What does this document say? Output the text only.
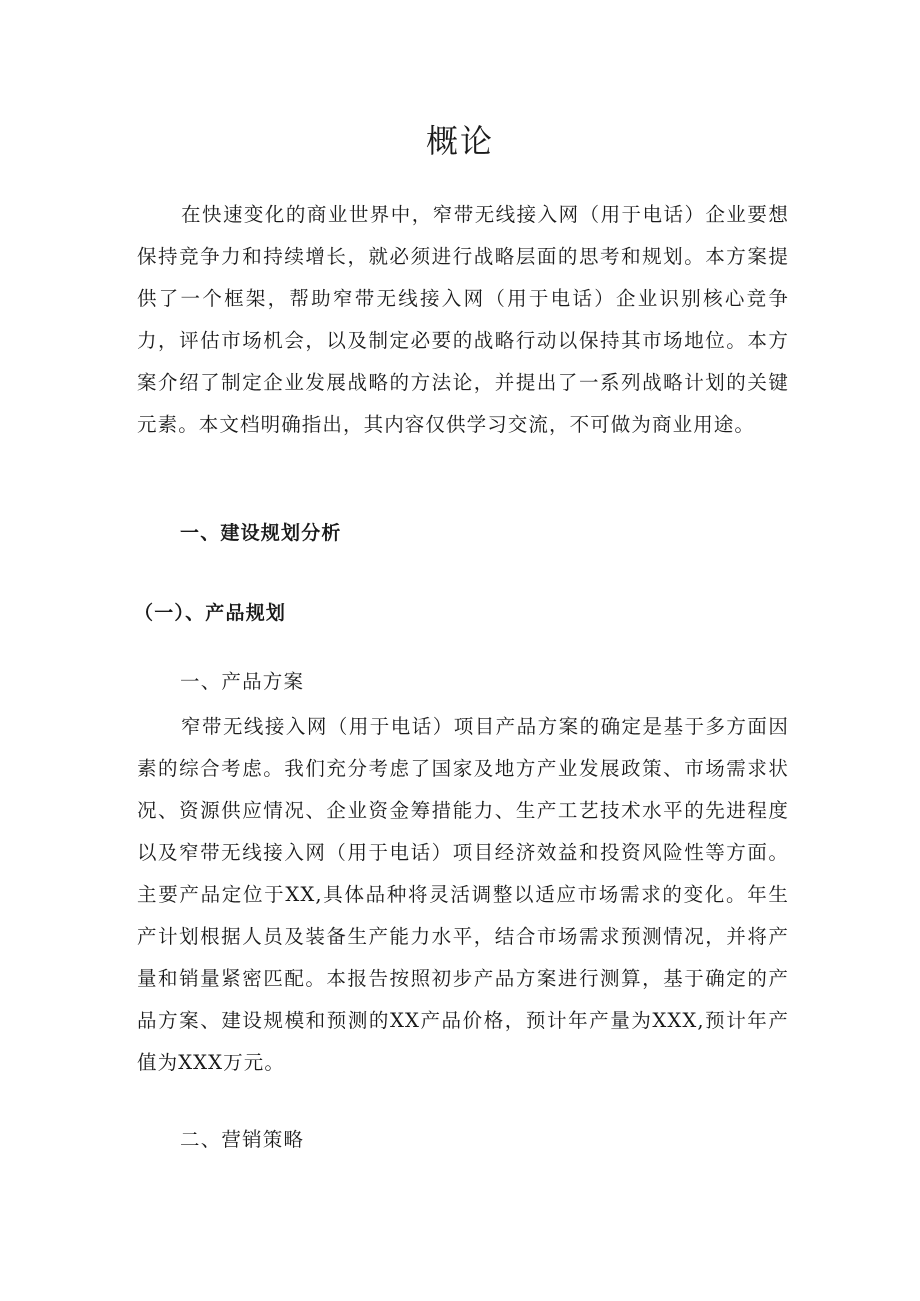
概论

在快速变化的商业世界中，窄带无线接入网（用于电话）企业要想保持竞争力和持续增长，就必须进行战略层面的思考和规划。本方案提供了一个框架，帮助窄带无线接入网（用于电话）企业识别核心竞争力，评估市场机会，以及制定必要的战略行动以保持其市场地位。本方案介绍了制定企业发展战略的方法论，并提出了一系列战略计划的关键元素。本文档明确指出，其内容仅供学习交流，不可做为商业用途。

一、建设规划分析
（一）、产品规划
一、产品方案

窄带无线接入网（用于电话）项目产品方案的确定是基于多方面因素的综合考虑。我们充分考虑了国家及地方产业发展政策、市场需求状况、资源供应情况、企业资金筹措能力、生产工艺技术水平的先进程度以及窄带无线接入网（用于电话）项目经济效益和投资风险性等方面。主要产品定位于XX,具体品种将灵活调整以适应市场需求的变化。年生产计划根据人员及装备生产能力水平，结合市场需求预测情况，并将产量和销量紧密匹配。本报告按照初步产品方案进行测算，基于确定的产品方案、建设规模和预测的XX产品价格，预计年产量为XXX,预计年产值为XXX万元。

二、营销策略
